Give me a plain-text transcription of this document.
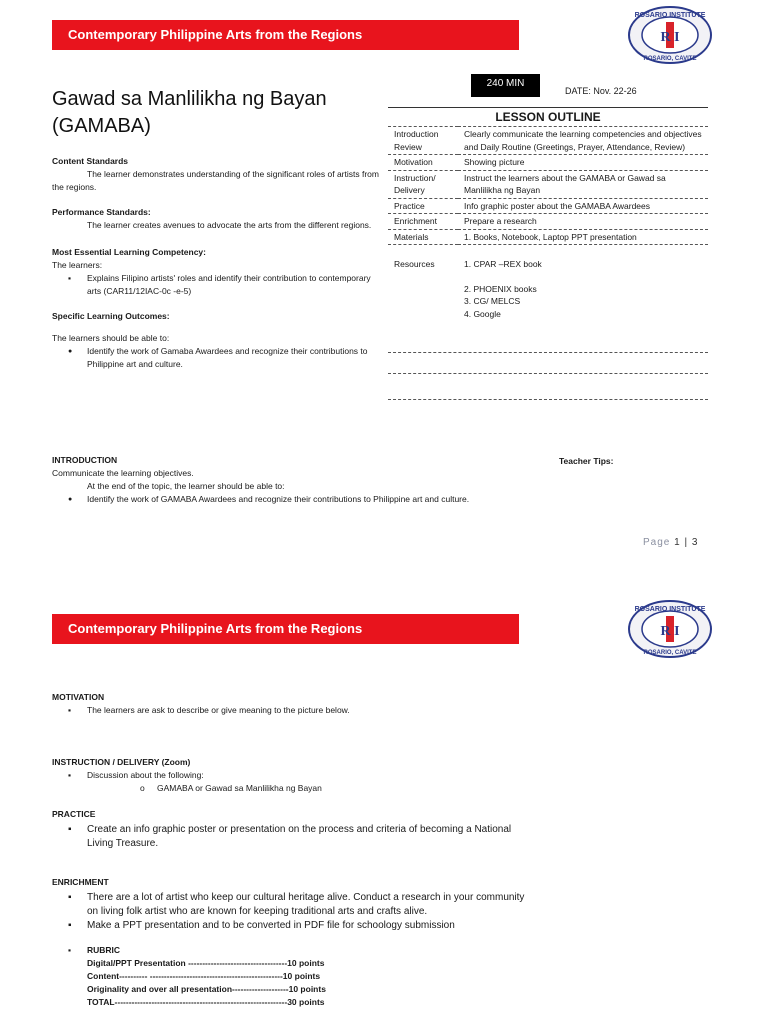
Contemporary Philippine Arts from the Regions
ROSARIO INSTITUTE
ROSARIO, CAVITE
R I
Gawad sa Manlilikha ng Bayan
(GAMABA)
240 MIN
DATE: Nov. 22-26
LESSON OUTLINE
Introduction Review	Clearly communicate the learning competencies and objectives and Daily Routine (Greetings, Prayer, Attendance, Review)
Motivation	Showing picture
Instruction/ Delivery	Instruct the learners about the GAMABA or Gawad sa Manlilikha ng Bayan
Practice	Info graphic poster about the GAMABA Awardees
Enrichment	Prepare a research
Materials	1. Books, Notebook, Laptop PPT presentation
Resources	1. CPAR –REX book
2. PHOENIX books
3. CG/ MELCS
4. Google
Content Standards
The learner demonstrates understanding of the significant roles of artists from the regions.
Performance Standards:
The learner creates avenues to advocate the arts from the different regions.
Most Essential Learning Competency:
The learners:
▪ Explains Filipino artists' roles and identify their contribution to contemporary arts (CAR11/12IAC-0c -e-5)
Specific Learning Outcomes:
The learners should be able to:
● Identify the work of Gamaba Awardees and recognize their contributions to Philippine art and culture.
INTRODUCTION
Communicate the learning objectives.
At the end of the topic, the learner should be able to:
● Identify the work of GAMABA Awardees and recognize their contributions to Philippine art and culture.
Teacher Tips:
Page 1 | 3
Contemporary Philippine Arts from the Regions
ROSARIO INSTITUTE
ROSARIO, CAVITE
R I
MOTIVATION
▪ The learners are ask to describe or give meaning to the picture below.
INSTRUCTION / DELIVERY (Zoom)
▪ Discussion about the following:
o GAMABA or Gawad sa Manlilikha ng Bayan
PRACTICE
▪ Create an info graphic poster or presentation on the process and criteria of becoming a National Living Treasure.
ENRICHMENT
▪ There are a lot of artist who keep our cultural heritage alive. Conduct a research in your community on living folk artist who are known for keeping traditional arts and crafts alive.
▪ Make a PPT presentation and to be converted in PDF file for schoology submission
▪ RUBRIC
Digital/PPT Presentation -----------------------------------10 points
Content---------- -----------------------------------------------10 points
Originality and over all presentation--------------------10 points
TOTAL-------------------------------------------------------------30 points
